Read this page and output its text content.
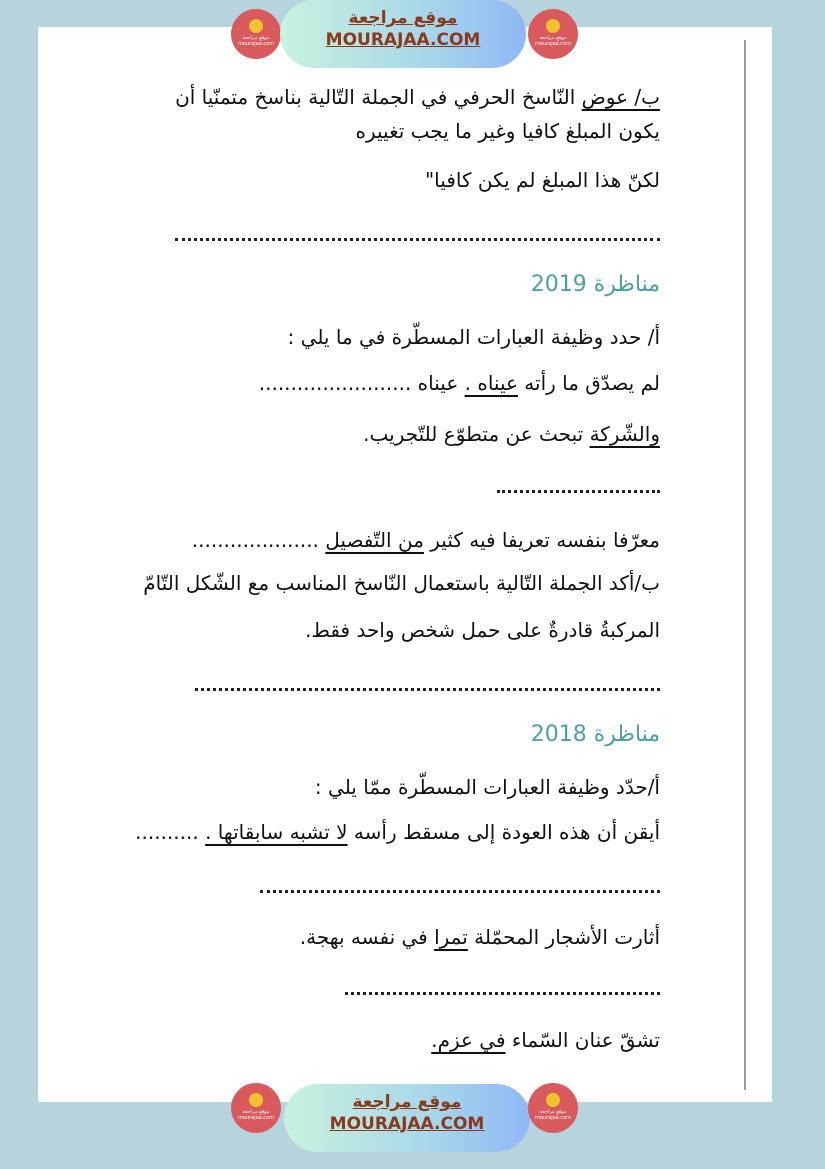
موقع مراجعة mourajaa.com
موقع مراجعة
MOURAJAA.COM	موقع مراجعة mourajaa.com
موقع مراجعة mourajaa.com
موقع مراجعة
MOURAJAA.COM
موقع مراجعة mourajaa.com
ب/ عوض النّاسخ الحرفي في الجملة التّالية بناسخ متمنّيا أن
يكون المبلغ كافيا وغير ما يجب تغييره
لكنّ هذا المبلغ لم يكن كافيا"
مناظرة 2019
أ/ حدد وظيفة العبارات المسطّرة في ما يلي :
لم يصدّق ما رأته عيناه . عيناه ........................
والشّركة تبحث عن متطوّع للتّجريب.
معرّفا بنفسه تعريفا فيه كثير من التّفصيل ....................
ب/أكد الجملة التّالية باستعمال النّاسخ المناسب مع الشّكل التّامّ
المركبةُ قادرةٌ على حمل شخص واحد فقط.
مناظرة 2018
أ/حدّد وظيفة العبارات المسطّرة ممّا يلي :
أيقن أن هذه العودة إلى مسقط رأسه لا تشبه سابقاتها . ..........
أثارت الأشجار المحمّلة تمرا في نفسه بهجة.
تشقّ عنان السّماء في عزم.
